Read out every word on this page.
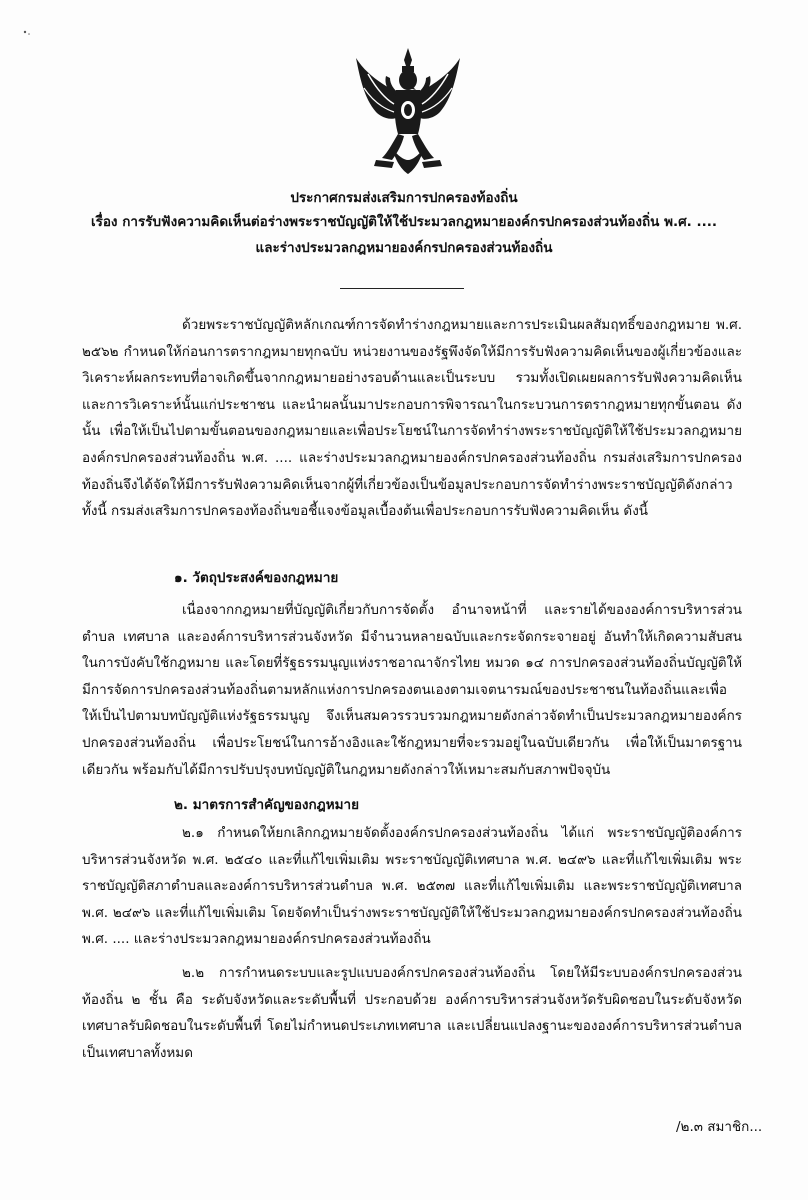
ประกาศกรมส่งเสริมการปกครองท้องถิ่น
เรื่อง การรับฟังความคิดเห็นต่อร่างพระราชบัญญัติให้ใช้ประมวลกฎหมายองค์กรปกครองส่วนท้องถิ่น พ.ศ. ....
และร่างประมวลกฎหมายองค์กรปกครองส่วนท้องถิ่น
ด้วยพระราชบัญญัติหลักเกณฑ์การจัดทำร่างกฎหมายและการประเมินผลสัมฤทธิ์ของกฎหมาย พ.ศ. ๒๕๖๒ กำหนดให้ก่อนการตรากฎหมายทุกฉบับ หน่วยงานของรัฐพึงจัดให้มีการรับฟังความคิดเห็นของผู้เกี่ยวข้องและวิเคราะห์ผลกระทบที่อาจเกิดขึ้นจากกฎหมายอย่างรอบด้านและเป็นระบบ รวมทั้งเปิดเผยผลการรับฟังความคิดเห็นและการวิเคราะห์นั้นแก่ประชาชน และนำผลนั้นมาประกอบการพิจารณาในกระบวนการตรากฎหมายทุกขั้นตอน ดังนั้น เพื่อให้เป็นไปตามขั้นตอนของกฎหมายและเพื่อประโยชน์ในการจัดทำร่างพระราชบัญญัติให้ใช้ประมวลกฎหมายองค์กรปกครองส่วนท้องถิ่น พ.ศ. .... และร่างประมวลกฎหมายองค์กรปกครองส่วนท้องถิ่น กรมส่งเสริมการปกครองท้องถิ่นจึงได้จัดให้มีการรับฟังความคิดเห็นจากผู้ที่เกี่ยวข้องเป็นข้อมูลประกอบการจัดทำร่างพระราชบัญญัติดังกล่าว ทั้งนี้ กรมส่งเสริมการปกครองท้องถิ่นขอชี้แจงข้อมูลเบื้องต้นเพื่อประกอบการรับฟังความคิดเห็น ดังนี้
๑. วัตถุประสงค์ของกฎหมาย
เนื่องจากกฎหมายที่บัญญัติเกี่ยวกับการจัดตั้ง อำนาจหน้าที่ และรายได้ขององค์การบริหารส่วนตำบล เทศบาล และองค์การบริหารส่วนจังหวัด มีจำนวนหลายฉบับและกระจัดกระจายอยู่ อันทำให้เกิดความสับสนในการบังคับใช้กฎหมาย และโดยที่รัฐธรรมนูญแห่งราชอาณาจักรไทย หมวด ๑๔ การปกครองส่วนท้องถิ่นบัญญัติให้มีการจัดการปกครองส่วนท้องถิ่นตามหลักแห่งการปกครองตนเองตามเจตนารมณ์ของประชาชนในท้องถิ่นและเพื่อให้เป็นไปตามบทบัญญัติแห่งรัฐธรรมนูญ จึงเห็นสมควรรวบรวมกฎหมายดังกล่าวจัดทำเป็นประมวลกฎหมายองค์กรปกครองส่วนท้องถิ่น เพื่อประโยชน์ในการอ้างอิงและใช้กฎหมายที่จะรวมอยู่ในฉบับเดียวกัน เพื่อให้เป็นมาตรฐานเดียวกัน พร้อมกับได้มีการปรับปรุงบทบัญญัติในกฎหมายดังกล่าวให้เหมาะสมกับสภาพปัจจุบัน
๒. มาตรการสำคัญของกฎหมาย
๒.๑ กำหนดให้ยกเลิกกฎหมายจัดตั้งองค์กรปกครองส่วนท้องถิ่น ได้แก่ พระราชบัญญัติองค์การบริหารส่วนจังหวัด พ.ศ. ๒๕๔๐ และที่แก้ไขเพิ่มเติม พระราชบัญญัติเทศบาล พ.ศ. ๒๔๙๖ และที่แก้ไขเพิ่มเติม พระราชบัญญัติสภาตำบลและองค์การบริหารส่วนตำบล พ.ศ. ๒๕๓๗ และที่แก้ไขเพิ่มเติม และพระราชบัญญัติเทศบาล พ.ศ. ๒๔๙๖ และที่แก้ไขเพิ่มเติม โดยจัดทำเป็นร่างพระราชบัญญัติให้ใช้ประมวลกฎหมายองค์กรปกครองส่วนท้องถิ่น พ.ศ. .... และร่างประมวลกฎหมายองค์กรปกครองส่วนท้องถิ่น
๒.๒ การกำหนดระบบและรูปแบบองค์กรปกครองส่วนท้องถิ่น โดยให้มีระบบองค์กรปกครองส่วนท้องถิ่น ๒ ชั้น คือ ระดับจังหวัดและระดับพื้นที่ ประกอบด้วย องค์การบริหารส่วนจังหวัดรับผิดชอบในระดับจังหวัด เทศบาลรับผิดชอบในระดับพื้นที่ โดยไม่กำหนดประเภทเทศบาล และเปลี่ยนแปลงฐานะขององค์การบริหารส่วนตำบลเป็นเทศบาลทั้งหมด
/๒.๓ สมาชิก...
